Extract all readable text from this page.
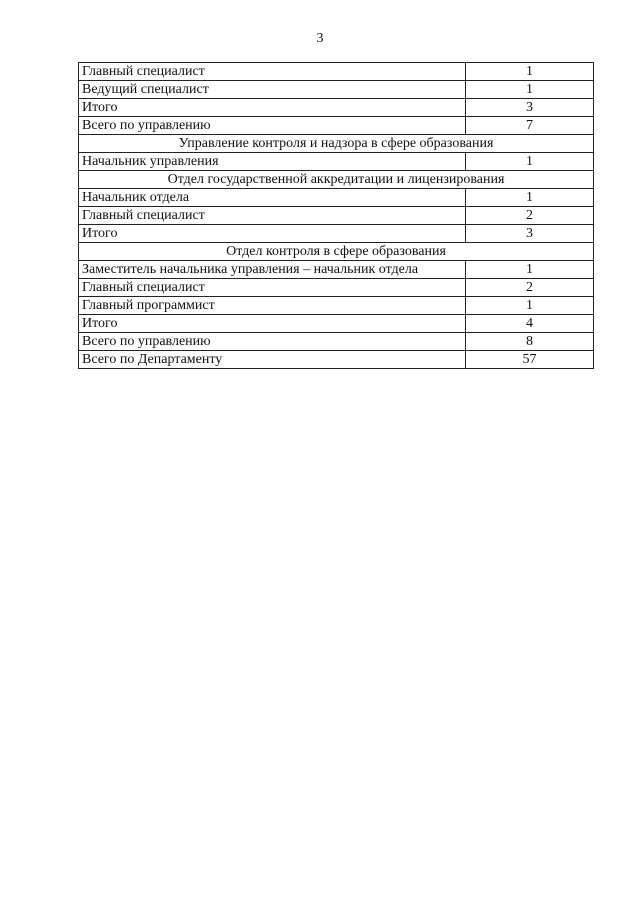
3
Главный специалист	1
Ведущий специалист	1
Итого	3
Всего по управлению	7
Управление контроля и надзора в сфере образования	
Начальник управления	1
Отдел государственной аккредитации и лицензирования	
Начальник отдела	1
Главный специалист	2
Итого	3
Отдел контроля в сфере образования	
Заместитель начальника управления – начальник отдела	1
Главный специалист	2
Главный программист	1
Итого	4
Всего по управлению	8
Всего по Департаменту	57
